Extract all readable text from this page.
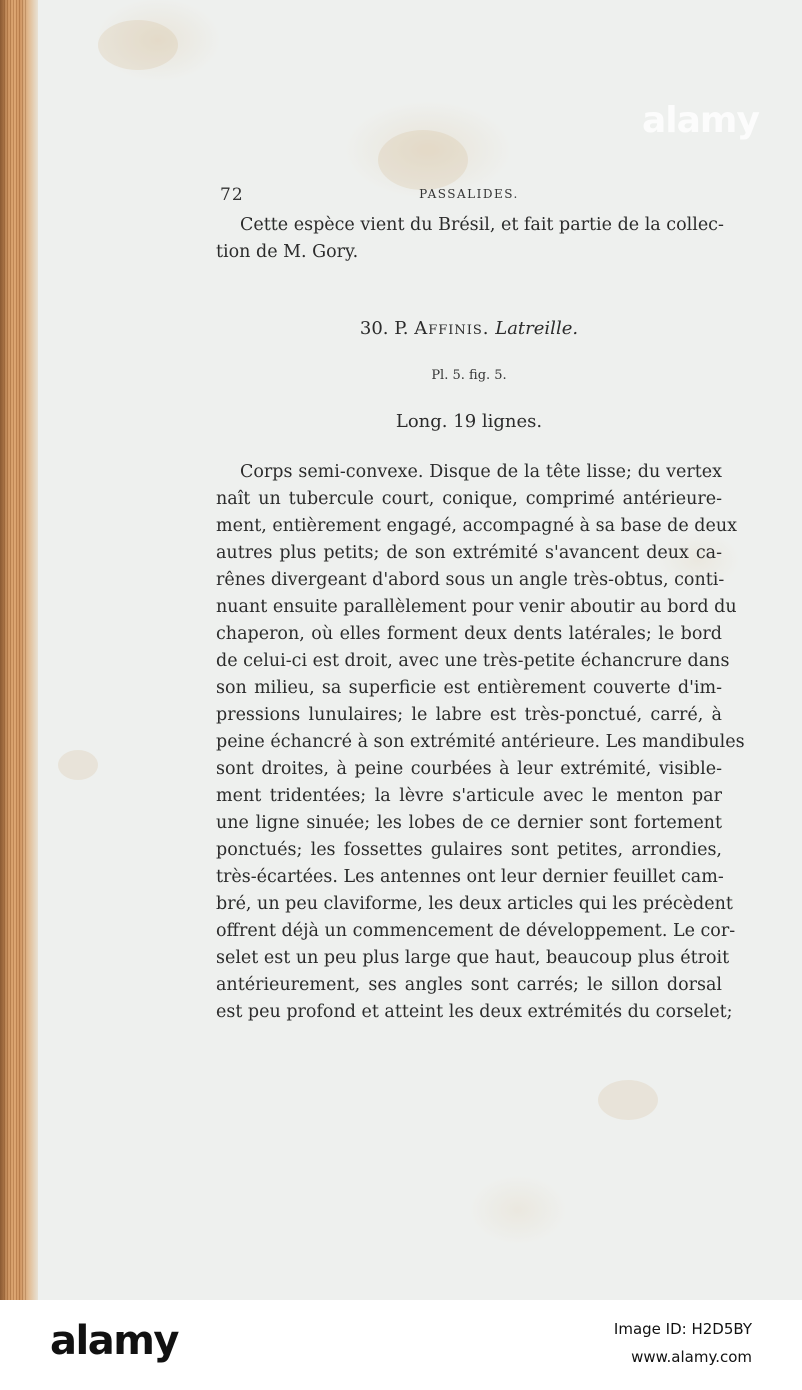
alamy
72	PASSALIDES.
Cette espèce vient du Brésil, et fait partie de la collec-
tion de M. Gory.
30. P. Affinis. Latreille.
Pl. 5. fig. 5.
Long. 19 lignes.
Corps semi-convexe. Disque de la tête lisse; du vertex
naît un tubercule court, conique, comprimé antérieure-
ment, entièrement engagé, accompagné à sa base de deux
autres plus petits; de son extrémité s'avancent deux ca-
rênes divergeant d'abord sous un angle très-obtus, conti-
nuant ensuite parallèlement pour venir aboutir au bord du
chaperon, où elles forment deux dents latérales; le bord
de celui-ci est droit, avec une très-petite échancrure dans
son milieu, sa superficie est entièrement couverte d'im-
pressions lunulaires; le labre est très-ponctué, carré, à
peine échancré à son extrémité antérieure. Les mandibules
sont droites, à peine courbées à leur extrémité, visible-
ment tridentées; la lèvre s'articule avec le menton par
une ligne sinuée; les lobes de ce dernier sont fortement
ponctués; les fossettes gulaires sont petites, arrondies,
très-écartées. Les antennes ont leur dernier feuillet cam-
bré, un peu claviforme, les deux articles qui les précèdent
offrent déjà un commencement de développement. Le cor-
selet est un peu plus large que haut, beaucoup plus étroit
antérieurement, ses angles sont carrés; le sillon dorsal
est peu profond et atteint les deux extrémités du corselet;
alamy	Image ID: H2D5BY
www.alamy.com
